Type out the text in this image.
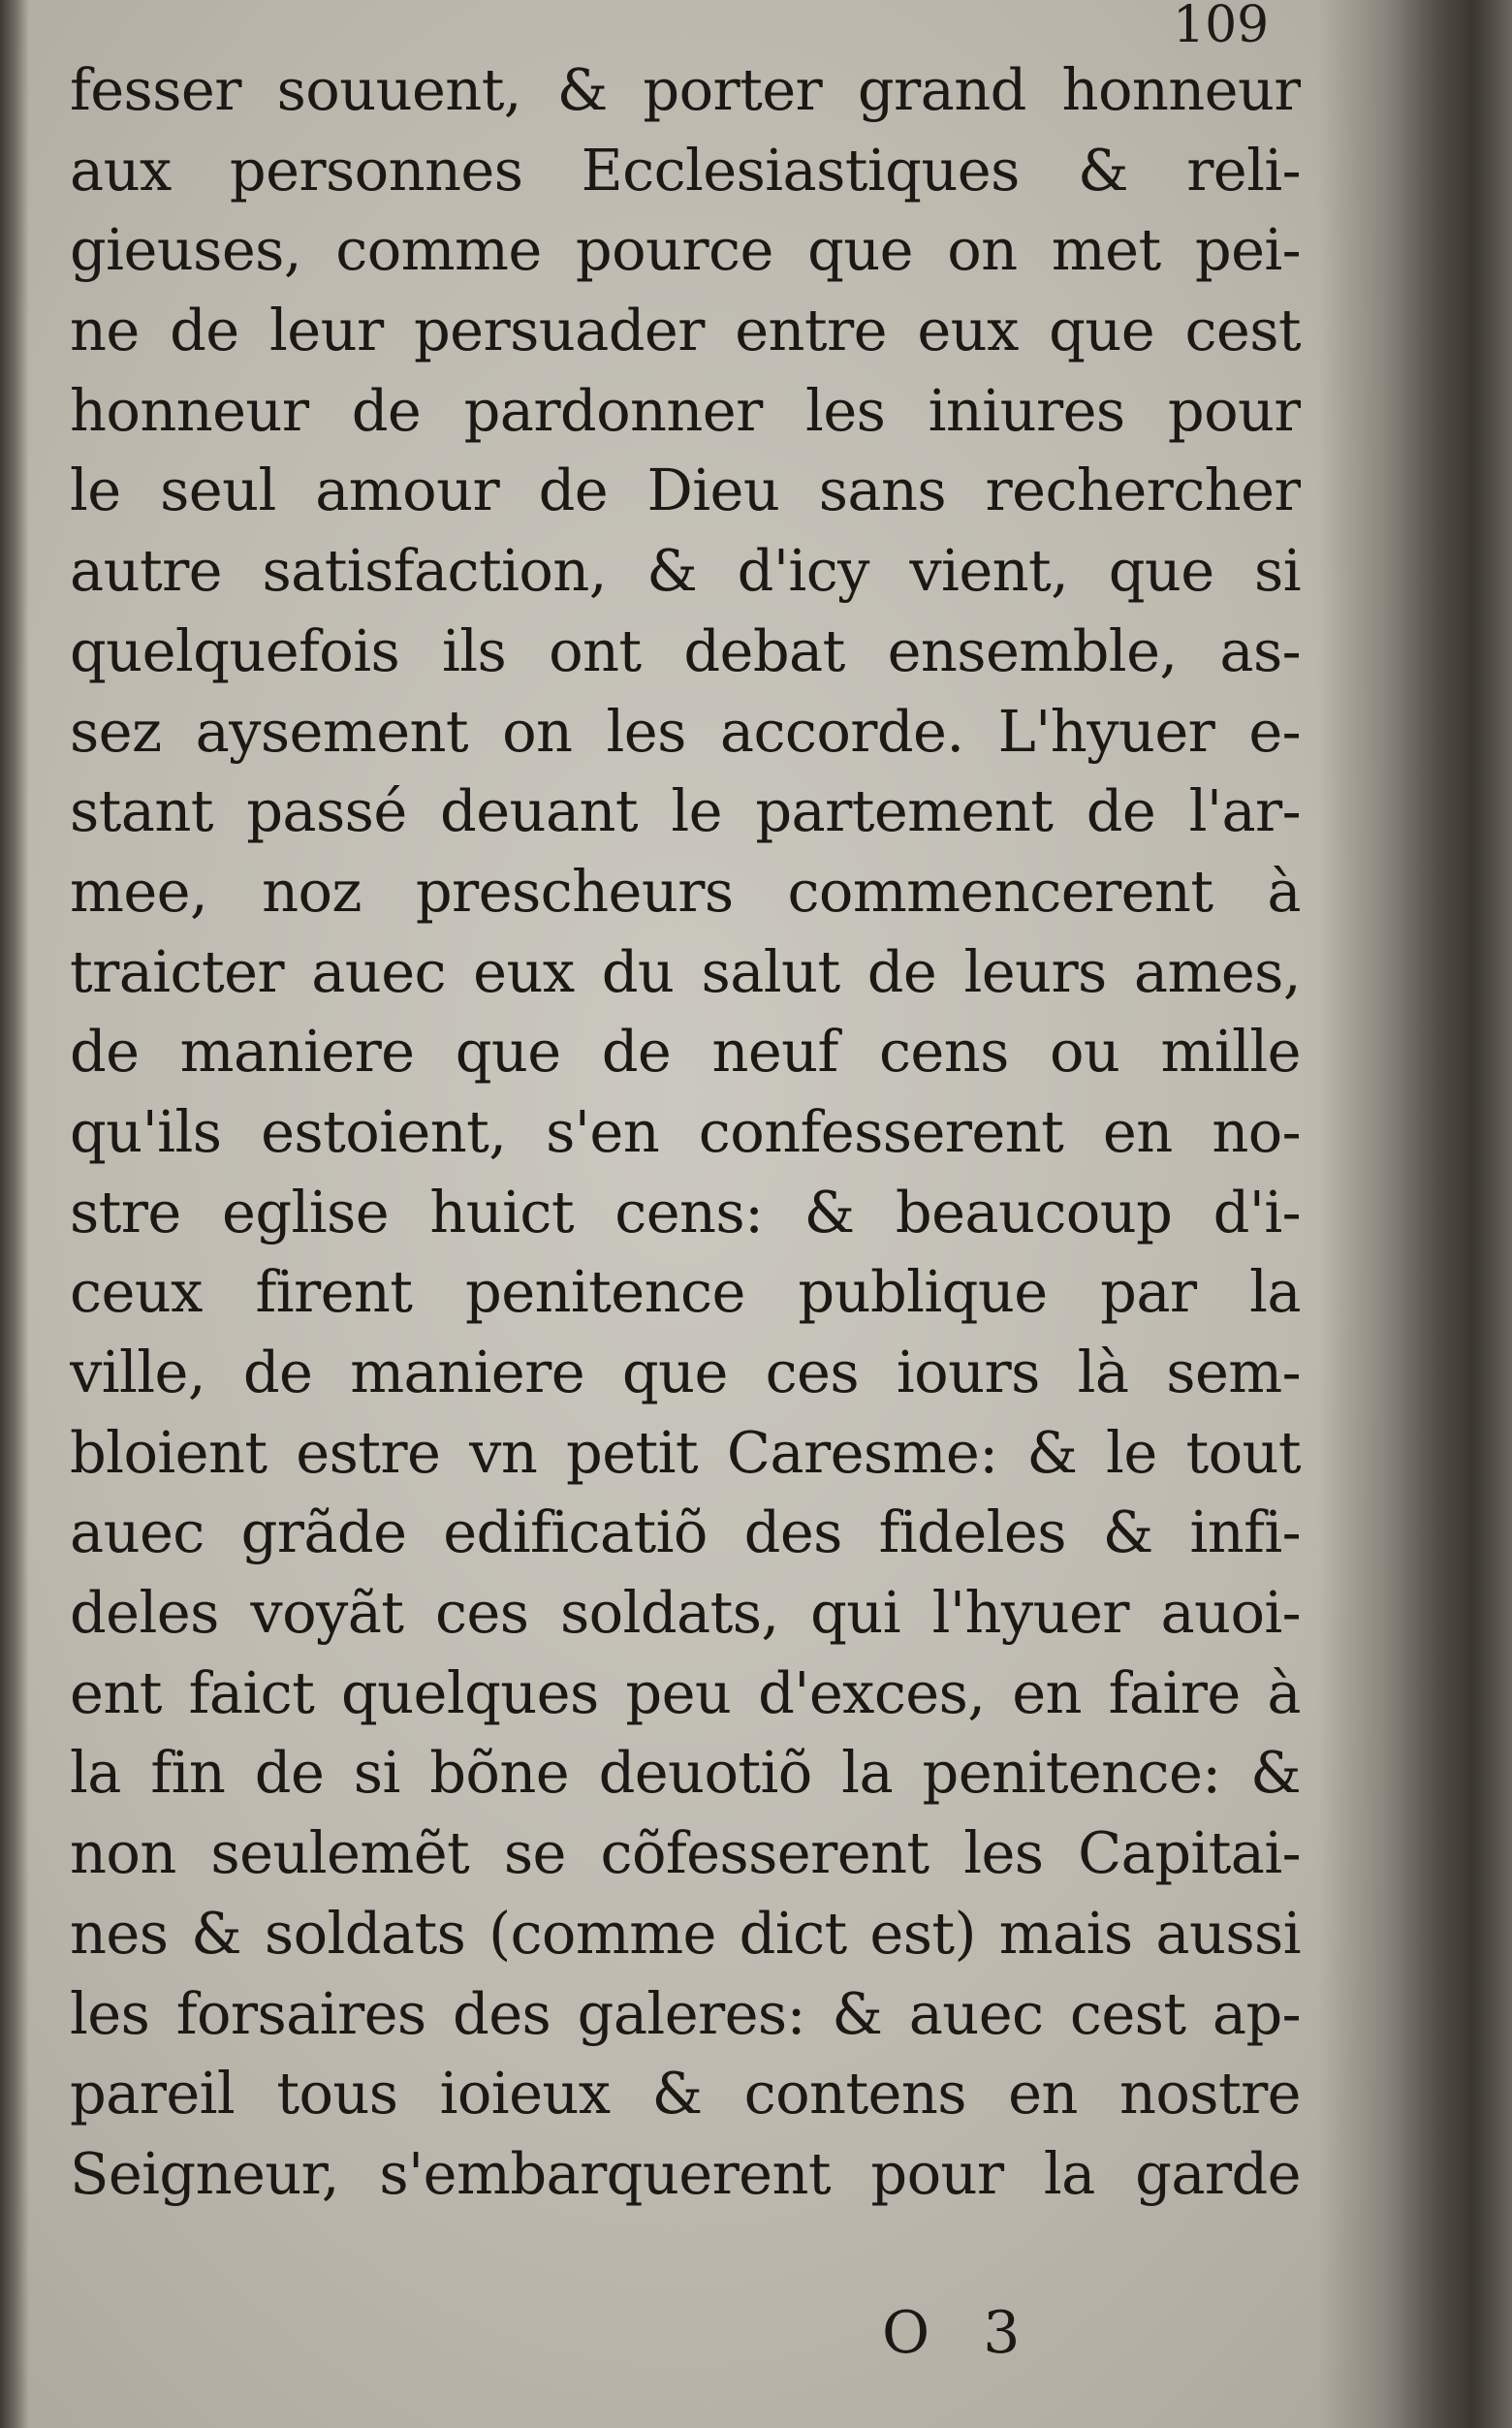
109
fesser souuent, & porter grand honneur
aux personnes Ecclesiastiques & reli-
gieuses, comme pource que on met pei-
ne de leur persuader entre eux que cest
honneur de pardonner les iniures pour
le seul amour de Dieu sans rechercher
autre satisfaction, & d'icy vient, que si
quelquefois ils ont debat ensemble, as-
sez aysement on les accorde. L'hyuer e-
stant passé deuant le partement de l'ar-
mee, noz prescheurs commencerent à
traicter auec eux du salut de leurs ames,
de maniere que de neuf cens ou mille
qu'ils estoient, s'en confesserent en no-
stre eglise huict cens: & beaucoup d'i-
ceux firent penitence publique par la
ville, de maniere que ces iours là sem-
bloient estre vn petit Caresme: & le tout
auec grãde edificatiõ des fideles & infi-
deles voyãt ces soldats, qui l'hyuer auoi-
ent faict quelques peu d'exces, en faire à
la fin de si bõne deuotiõ la penitence: &
non seulemẽt se cõfesserent les Capitai-
nes & soldats (comme dict est) mais aussi
les forsaires des galeres: & auec cest ap-
pareil tous ioieux & contens en nostre
Seigneur, s'embarquerent pour la garde
O 3
